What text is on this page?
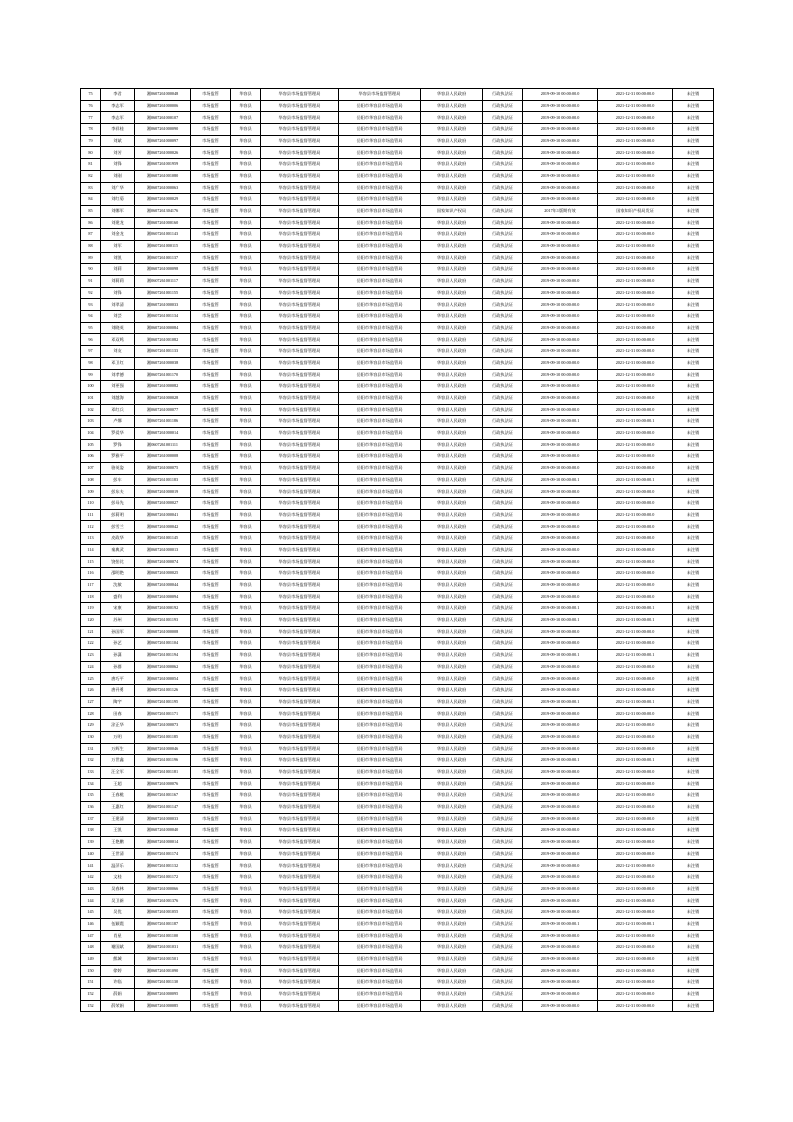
75	李君	湘0607261000048	市场监管	华容县	华容县市场监督管理局	华容县市场监督管理局	华容县人民政府	行政执法证	2019-09-10 00:00:00.0	2021-12-31 00:00:00.0	未注销
76	李志军	湘0607261000006	市场监管	华容县	华容县市场监督管理局	岳阳市华容县市场监管局	华容县人民政府	行政执法证	2019-09-10 00:00:00.0	2021-12-31 00:00:00.0	未注销
77	李志军	湘0607261000107	市场监管	华容县	华容县市场监督管理局	岳阳市华容县市场监管局	华容县人民政府	行政执法证	2019-09-10 00:00:00.0	2021-12-31 00:00:00.0	未注销
78	李祥桂	湘0607261000090	市场监管	华容县	华容县市场监督管理局	岳阳市华容县市场监管局	华容县人民政府	行政执法证	2019-09-10 00:00:00.0	2021-12-31 00:00:00.0	未注销
79	刘斌	湘0607261000097	市场监管	华容县	华容县市场监督管理局	岳阳市华容县市场监管局	华容县人民政府	行政执法证	2019-09-10 00:00:00.0	2021-12-31 00:00:00.0	未注销
80	刘芳	湘0607261000026	市场监管	华容县	华容县市场监督管理局	岳阳市华容县市场监管局	华容县人民政府	行政执法证	2019-09-10 00:00:00.0	2021-12-31 00:00:00.0	未注销
81	刘锋	湘0607261001959	市场监管	华容县	华容县市场监督管理局	岳阳市华容县市场监管局	华容县人民政府	行政执法证	2019-09-10 00:00:00.0	2021-12-31 00:00:00.0	未注销
82	刘刚	湘0607261001080	市场监管	华容县	华容县市场监督管理局	岳阳市华容县市场监管局	华容县人民政府	行政执法证	2019-09-10 00:00:00.0	2021-12-31 00:00:00.0	未注销
83	刘广华	湘0607261000063	市场监管	华容县	华容县市场监督管理局	岳阳市华容县市场监管局	华容县人民政府	行政执法证	2019-09-10 00:00:00.0	2021-12-31 00:00:00.0	未注销
84	刘红菊	湘0607261000029	市场监管	华容县	华容县市场监督管理局	岳阳市华容县市场监管局	华容县人民政府	行政执法证	2019-09-10 00:00:00.0	2021-12-31 00:00:00.0	未注销
85	刘娜军	湘0607261304176	市场监管	华容县	华容县市场监督管理局	岳阳市华容县市场监管局	国家知识产权局	行政执法证	2017年1版期有效	国家知识产权局发证	未注销
86	刘建龙	湘0607261000160	市场监管	华容县	华容县市场监督管理局	岳阳市华容县市场监管局	华容县人民政府	行政执法证	2019-09-10 00:00:00.0	2021-12-31 00:00:00.0	未注销
87	刘金龙	湘0607261001143	市场监管	华容县	华容县市场监督管理局	岳阳市华容县市场监管局	华容县人民政府	行政执法证	2019-09-10 00:00:00.0	2021-12-31 00:00:00.0	未注销
88	刘军	湘0607261000115	市场监管	华容县	华容县市场监督管理局	岳阳市华容县市场监管局	华容县人民政府	行政执法证	2019-09-10 00:00:00.0	2021-12-31 00:00:00.0	未注销
89	刘凯	湘0607261001137	市场监管	华容县	华容县市场监督管理局	岳阳市华容县市场监管局	华容县人民政府	行政执法证	2019-09-10 00:00:00.0	2021-12-31 00:00:00.0	未注销
90	刘莉	湘0607261000098	市场监管	华容县	华容县市场监督管理局	岳阳市华容县市场监管局	华容县人民政府	行政执法证	2019-09-10 00:00:00.0	2021-12-31 00:00:00.0	未注销
91	刘莉莉	湘0607261001117	市场监管	华容县	华容县市场监督管理局	岳阳市华容县市场监管局	华容县人民政府	行政执法证	2019-09-10 00:00:00.0	2021-12-31 00:00:00.0	未注销
92	刘锋	湘0607261001155	市场监管	华容县	华容县市场监督管理局	岳阳市华容县市场监管局	华容县人民政府	行政执法证	2019-09-10 00:00:00.0	2021-12-31 00:00:00.0	未注销
93	刘翠清	湘0607261000033	市场监管	华容县	华容县市场监督管理局	岳阳市华容县市场监管局	华容县人民政府	行政执法证	2019-09-10 00:00:00.0	2021-12-31 00:00:00.0	未注销
94	刘芸	湘0607261001134	市场监管	华容县	华容县市场监督管理局	岳阳市华容县市场监管局	华容县人民政府	行政执法证	2019-09-10 00:00:00.0	2021-12-31 00:00:00.0	未注销
95	刘晓英	湘0607261000084	市场监管	华容县	华容县市场监督管理局	岳阳市华容县市场监管局	华容县人民政府	行政执法证	2019-09-10 00:00:00.0	2021-12-31 00:00:00.0	未注销
96	邓双鸣	湘0607261001082	市场监管	华容县	华容县市场监督管理局	岳阳市华容县市场监管局	华容县人民政府	行政执法证	2019-09-10 00:00:00.0	2021-12-31 00:00:00.0	未注销
97	刘友	湘0607261001133	市场监管	华容县	华容县市场监督管理局	岳阳市华容县市场监管局	华容县人民政府	行政执法证	2019-09-10 00:00:00.0	2021-12-31 00:00:00.0	未注销
98	邓卫红	湘0607261000038	市场监管	华容县	华容县市场监督管理局	岳阳市华容县市场监管局	华容县人民政府	行政执法证	2019-09-10 00:00:00.0	2021-12-31 00:00:00.0	未注销
99	刘孝德	湘0607261001170	市场监管	华容县	华容县市场监督管理局	岳阳市华容县市场监管局	华容县人民政府	行政执法证	2019-09-10 00:00:00.0	2021-12-31 00:00:00.0	未注销
100	刘更强	湘0607261000082	市场监管	华容县	华容县市场监督管理局	岳阳市华容县市场监管局	华容县人民政府	行政执法证	2019-09-10 00:00:00.0	2021-12-31 00:00:00.0	未注销
101	刘越海	湘0607261000028	市场监管	华容县	华容县市场监督管理局	岳阳市华容县市场监管局	华容县人民政府	行政执法证	2019-09-10 00:00:00.0	2021-12-31 00:00:00.0	未注销
102	邓红兵	湘0607261000077	市场监管	华容县	华容县市场监督管理局	岳阳市华容县市场监管局	华容县人民政府	行政执法证	2019-09-10 00:00:00.0	2021-12-31 00:00:00.0	未注销
103	卢娜	湘0607261001186	市场监管	华容县	华容县市场监督管理局	岳阳市华容县市场监管局	华容县人民政府	行政执法证	2019-09-10 00:00:00.1	2021-12-31 00:00:00.1	未注销
104	罗爱华	湘0607261000014	市场监管	华容县	华容县市场监督管理局	岳阳市华容县市场监管局	华容县人民政府	行政执法证	2019-09-10 00:00:00.0	2021-12-31 00:00:00.0	未注销
105	罗锋	湘0607261001111	市场监管	华容县	华容县市场监督管理局	岳阳市华容县市场监管局	华容县人民政府	行政执法证	2019-09-10 00:00:00.0	2021-12-31 00:00:00.0	未注销
106	罗雅平	湘0607261000008	市场监管	华容县	华容县市场监督管理局	岳阳市华容县市场监管局	华容县人民政府	行政执法证	2019-09-10 00:00:00.0	2021-12-31 00:00:00.0	未注销
107	骆英姿	湘0607261000075	市场监管	华容县	华容县市场监督管理局	岳阳市华容县市场监管局	华容县人民政府	行政执法证	2019-09-10 00:00:00.0	2021-12-31 00:00:00.0	未注销
108	彭车	湘0607261001183	市场监管	华容县	华容县市场监督管理局	岳阳市华容县市场监管局	华容县人民政府	行政执法证	2019-09-10 00:00:00.1	2021-12-31 00:00:00.1	未注销
109	彭东夫	湘0607261000019	市场监管	华容县	华容县市场监督管理局	岳阳市华容县市场监管局	华容县人民政府	行政执法证	2019-09-10 00:00:00.0	2021-12-31 00:00:00.0	未注销
110	彭母先	湘0607261000027	市场监管	华容县	华容县市场监督管理局	岳阳市华容县市场监管局	华容县人民政府	行政执法证	2019-09-10 00:00:00.0	2021-12-31 00:00:00.0	未注销
111	彭莉明	湘0607261000041	市场监管	华容县	华容县市场监督管理局	岳阳市华容县市场监管局	华容县人民政府	行政执法证	2019-09-10 00:00:00.0	2021-12-31 00:00:00.0	未注销
112	彭雪兰	湘0607261000042	市场监管	华容县	华容县市场监督管理局	岳阳市华容县市场监管局	华容县人民政府	行政执法证	2019-09-10 00:00:00.0	2021-12-31 00:00:00.0	未注销
113	皮政华	湘0607261001145	市场监管	华容县	华容县市场监督管理局	岳阳市华容县市场监管局	华容县人民政府	行政执法证	2019-09-10 00:00:00.0	2021-12-31 00:00:00.0	未注销
114	秦典武	湘0607261000013	市场监管	华容县	华容县市场监督管理局	岳阳市华容县市场监管局	华容县人民政府	行政执法证	2019-09-10 00:00:00.0	2021-12-31 00:00:00.0	未注销
115	饶怡比	湘0607261000074	市场监管	华容县	华容县市场监督管理局	岳阳市华容县市场监管局	华容县人民政府	行政执法证	2019-09-10 00:00:00.0	2021-12-31 00:00:00.0	未注销
116	邵明艳	湘0607261000025	市场监管	华容县	华容县市场监督管理局	岳阳市华容县市场监管局	华容县人民政府	行政执法证	2019-09-10 00:00:00.0	2021-12-31 00:00:00.0	未注销
117	沈敏	湘0607261000044	市场监管	华容县	华容县市场监督管理局	岳阳市华容县市场监管局	华容县人民政府	行政执法证	2019-09-10 00:00:00.0	2021-12-31 00:00:00.0	未注销
118	盛利	湘0607261000094	市场监管	华容县	华容县市场监督管理局	岳阳市华容县市场监管局	华容县人民政府	行政执法证	2019-09-10 00:00:00.0	2021-12-31 00:00:00.0	未注销
119	宋康	湘0607261000192	市场监管	华容县	华容县市场监督管理局	岳阳市华容县市场监管局	华容县人民政府	行政执法证	2019-09-10 00:00:00.1	2021-12-31 00:00:00.1	未注销
120	苏州	湘0607261001193	市场监管	华容县	华容县市场监督管理局	岳阳市华容县市场监管局	华容县人民政府	行政执法证	2019-09-10 00:00:00.1	2021-12-31 00:00:00.1	未注销
121	孙国军	湘0607261000008	市场监管	华容县	华容县市场监督管理局	岳阳市华容县市场监管局	华容县人民政府	行政执法证	2019-09-10 00:00:00.0	2021-12-31 00:00:00.0	未注销
122	孙艺	湘0607261001104	市场监管	华容县	华容县市场监督管理局	岳阳市华容县市场监管局	华容县人民政府	行政执法证	2019-09-10 00:00:00.0	2021-12-31 00:00:00.0	未注销
123	孙潇	湘0607261001194	市场监管	华容县	华容县市场监督管理局	岳阳市华容县市场监管局	华容县人民政府	行政执法证	2019-09-10 00:00:00.1	2021-12-31 00:00:00.1	未注销
124	孙群	湘0607261000062	市场监管	华容县	华容县市场监督管理局	岳阳市华容县市场监管局	华容县人民政府	行政执法证	2019-09-10 00:00:00.0	2021-12-31 00:00:00.0	未注销
125	唐巧平	湘0607261000054	市场监管	华容县	华容县市场监督管理局	岳阳市华容县市场监管局	华容县人民政府	行政执法证	2019-09-10 00:00:00.0	2021-12-31 00:00:00.0	未注销
126	唐뀨勇	湘0607261001126	市场监管	华容县	华容县市场监督管理局	岳阳市华容县市场监管局	华容县人民政府	行政执法证	2019-09-10 00:00:00.0	2021-12-31 00:00:00.0	未注销
127	陶宇	湘0607261001195	市场监管	华容县	华容县市场监督管理局	岳阳市华容县市场监管局	华容县人民政府	行政执法证	2019-09-10 00:00:00.1	2021-12-31 00:00:00.1	未注销
128	田春	湘0607261001171	市场监管	华容县	华容县市场监督管理局	岳阳市华容县市场监管局	华容县人民政府	行政执法证	2019-09-10 00:00:00.0	2021-12-31 00:00:00.0	未注销
129	涂正华	湘0607261000073	市场监管	华容县	华容县市场监督管理局	岳阳市华容县市场监管局	华容县人民政府	行政执法证	2019-09-10 00:00:00.0	2021-12-31 00:00:00.0	未注销
130	万明	湘0607261001185	市场监管	华容县	华容县市场监督管理局	岳阳市华容县市场监管局	华容县人民政府	行政执法证	2019-09-10 00:00:00.0	2021-12-31 00:00:00.0	未注销
131	万辉生	湘0607261000046	市场监管	华容县	华容县市场监督管理局	岳阳市华容县市场监管局	华容县人民政府	行政执法证	2019-09-10 00:00:00.0	2021-12-31 00:00:00.0	未注销
132	万世鑫	湘0607261001196	市场监管	华容县	华容县市场监督管理局	岳阳市华容县市场监管局	华容县人民政府	行政执法证	2019-09-10 00:00:00.1	2021-12-31 00:00:00.1	未注销
133	汪全军	湘0607261001181	市场监管	华容县	华容县市场监督管理局	岳阳市华容县市场监管局	华容县人民政府	行政执法证	2019-09-10 00:00:00.0	2021-12-31 00:00:00.0	未注销
134	王超	湘0607261000076	市场监管	华容县	华容县市场监督管理局	岳阳市华容县市场监管局	华容县人民政府	行政执法证	2019-09-10 00:00:00.0	2021-12-31 00:00:00.0	未注销
135	王春桃	湘0607261001167	市场监管	华容县	华容县市场监督管理局	岳阳市华容县市场监管局	华容县人民政府	行政执法证	2019-09-10 00:00:00.0	2021-12-31 00:00:00.0	未注销
136	王惠红	湘0607261001147	市场监管	华容县	华容县市场监督管理局	岳阳市华容县市场监管局	华容县人民政府	行政执法证	2019-09-10 00:00:00.0	2021-12-31 00:00:00.0	未注销
137	王建清	湘0607261000033	市场监管	华容县	华容县市场监督管理局	岳阳市华容县市场监管局	华容县人民政府	行政执法证	2019-09-10 00:00:00.0	2021-12-31 00:00:00.0	未注销
138	王凯	湘0607261000040	市场监管	华容县	华容县市场监督管理局	岳阳市华容县市场监管局	华容县人民政府	行政执法证	2019-09-10 00:00:00.0	2021-12-31 00:00:00.0	未注销
139	王艳鹏	湘0607261000014	市场监管	华容县	华容县市场监督管理局	岳阳市华容县市场监管局	华容县人民政府	行政执法证	2019-09-10 00:00:00.0	2021-12-31 00:00:00.0	未注销
140	王世清	湘0607261001174	市场监管	华容县	华容县市场监督管理局	岳阳市华容县市场监管局	华容县人民政府	行政执法证	2019-09-10 00:00:00.0	2021-12-31 00:00:00.0	未注销
141	温萍乐	湘0607261001132	市场监管	华容县	华容县市场监督管理局	岳阳市华容县市场监管局	华容县人民政府	行政执法证	2019-09-10 00:00:00.0	2021-12-31 00:00:00.0	未注销
142	文桂	湘0607261001172	市场监管	华容县	华容县市场监督管理局	岳阳市华容县市场监管局	华容县人民政府	行政执法证	2019-09-10 00:00:00.0	2021-12-31 00:00:00.0	未注销
143	吴春林	湘0607261000066	市场监管	华容县	华容县市场监督管理局	岳阳市华容县市场监管局	华容县人民政府	行政执法证	2019-09-10 00:00:00.0	2021-12-31 00:00:00.0	未注销
144	吴卫新	湘0607261001376	市场监管	华容县	华容县市场监督管理局	岳阳市华容县市场监管局	华容县人民政府	行政执法证	2019-09-10 00:00:00.0	2021-12-31 00:00:00.0	未注销
145	吴优	湘0607261001055	市场监管	华容县	华容县市场监督管理局	岳阳市华容县市场监管局	华容县人民政府	行政执法证	2019-09-10 00:00:00.0	2021-12-31 00:00:00.0	未注销
146	伍颖霞	湘0607261001187	市场监管	华容县	华容县市场监督管理局	岳阳市华容县市场监管局	华容县人民政府	行政执法证	2019-09-10 00:00:00.1	2021-12-31 00:00:00.1	未注销
147	肖星	湘0607261001100	市场监管	华容县	华容县市场监督管理局	岳阳市华容县市场监管局	华容县人民政府	行政执法证	2019-09-10 00:00:00.0	2021-12-31 00:00:00.0	未注销
148	谢国斌	湘0607261001031	市场监管	华容县	华容县市场监督管理局	岳阳市华容县市场监管局	华容县人民政府	行政执法证	2019-09-10 00:00:00.0	2021-12-31 00:00:00.0	未注销
149	熊城	湘0607261001501	市场监管	华容县	华容县市场监督管理局	岳阳市华容县市场监管局	华容县人民政府	行政执法证	2019-09-10 00:00:00.0	2021-12-31 00:00:00.0	未注销
150	徐婷	湘0607261001090	市场监管	华容县	华容县市场监督管理局	岳阳市华容县市场监管局	华容县人民政府	行政执法证	2019-09-10 00:00:00.0	2021-12-31 00:00:00.0	未注销
151	许临	湘0607261001130	市场监管	华容县	华容县市场监督管理局	岳阳市华容县市场监管局	华容县人民政府	行政执法证	2019-09-10 00:00:00.0	2021-12-31 00:00:00.0	未注销
152	薛娟	湘0607261000095	市场监管	华容县	华容县市场监督管理局	岳阳市华容县市场监管局	华容县人民政府	行政执法证	2019-09-10 00:00:00.0	2021-12-31 00:00:00.0	未注销
152	薛荣娟	湘0607261000085	市场监管	华容县	华容县市场监督管理局	岳阳市华容县市场监管局	华容县人民政府	行政执法证	2019-09-10 00:00:00.0	2021-12-31 00:00:00.0	未注销
